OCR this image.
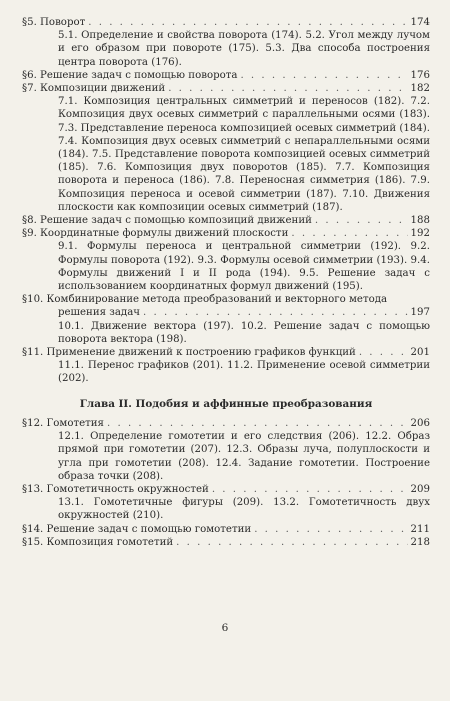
§5. Поворот . . .	174
5.1. Определение и свойства поворота (174). 5.2. Угол между лучом и его образом при повороте (175). 5.3. Два способа построения центра поворота (176).
§6. Решение задач с помощью поворота . . .	176
§7. Композиции движений . . .	182
7.1. Композиция центральных симметрий и переносов (182). 7.2. Композиция двух осевых симметрий с параллельными осями (183). 7.3. Представление переноса композицией осевых симметрий (184). 7.4. Композиция двух осевых симметрий с непараллельными осями (184). 7.5. Представление поворота композицией осевых симметрий (185). 7.6. Композиция двух поворотов (185). 7.7. Композиция поворота и переноса (186). 7.8. Переносная симметрия (186). 7.9. Композиция переноса и осевой симметрии (187). 7.10. Движения плоскости как композиции осевых симметрий (187).
§8. Решение задач с помощью композиций движений . . .	188
§9. Координатные формулы движений плоскости . . .	192
9.1. Формулы переноса и центральной симметрии (192). 9.2. Формулы поворота (192). 9.3. Формулы осевой симметрии (193). 9.4. Формулы движений I и II рода (194). 9.5. Решение задач с использованием координатных формул движений (195).
§10. Комбинирование метода преобразований и векторного метода
решения задач . . .	197
10.1. Движение вектора (197). 10.2. Решение задач с помощью поворота вектора (198).
§11. Применение движений к построению графиков функций . . .	201
11.1. Перенос графиков (201). 11.2. Применение осевой симметрии (202).
Глава II. Подобия и аффинные преобразования
§12. Гомотетия . . .	206
12.1. Определение гомотетии и его следствия (206). 12.2. Образ прямой при гомотетии (207). 12.3. Образы луча, полуплоскости и угла при гомотетии (208). 12.4. Задание гомотетии. Построение образа точки (208).
§13. Гомотетичность окружностей . . .	209
13.1. Гомотетичные фигуры (209). 13.2. Гомотетичность двух окружностей (210).
§14. Решение задач с помощью гомотетии . . .	211
§15. Композиция гомотетий . . .	218
6
